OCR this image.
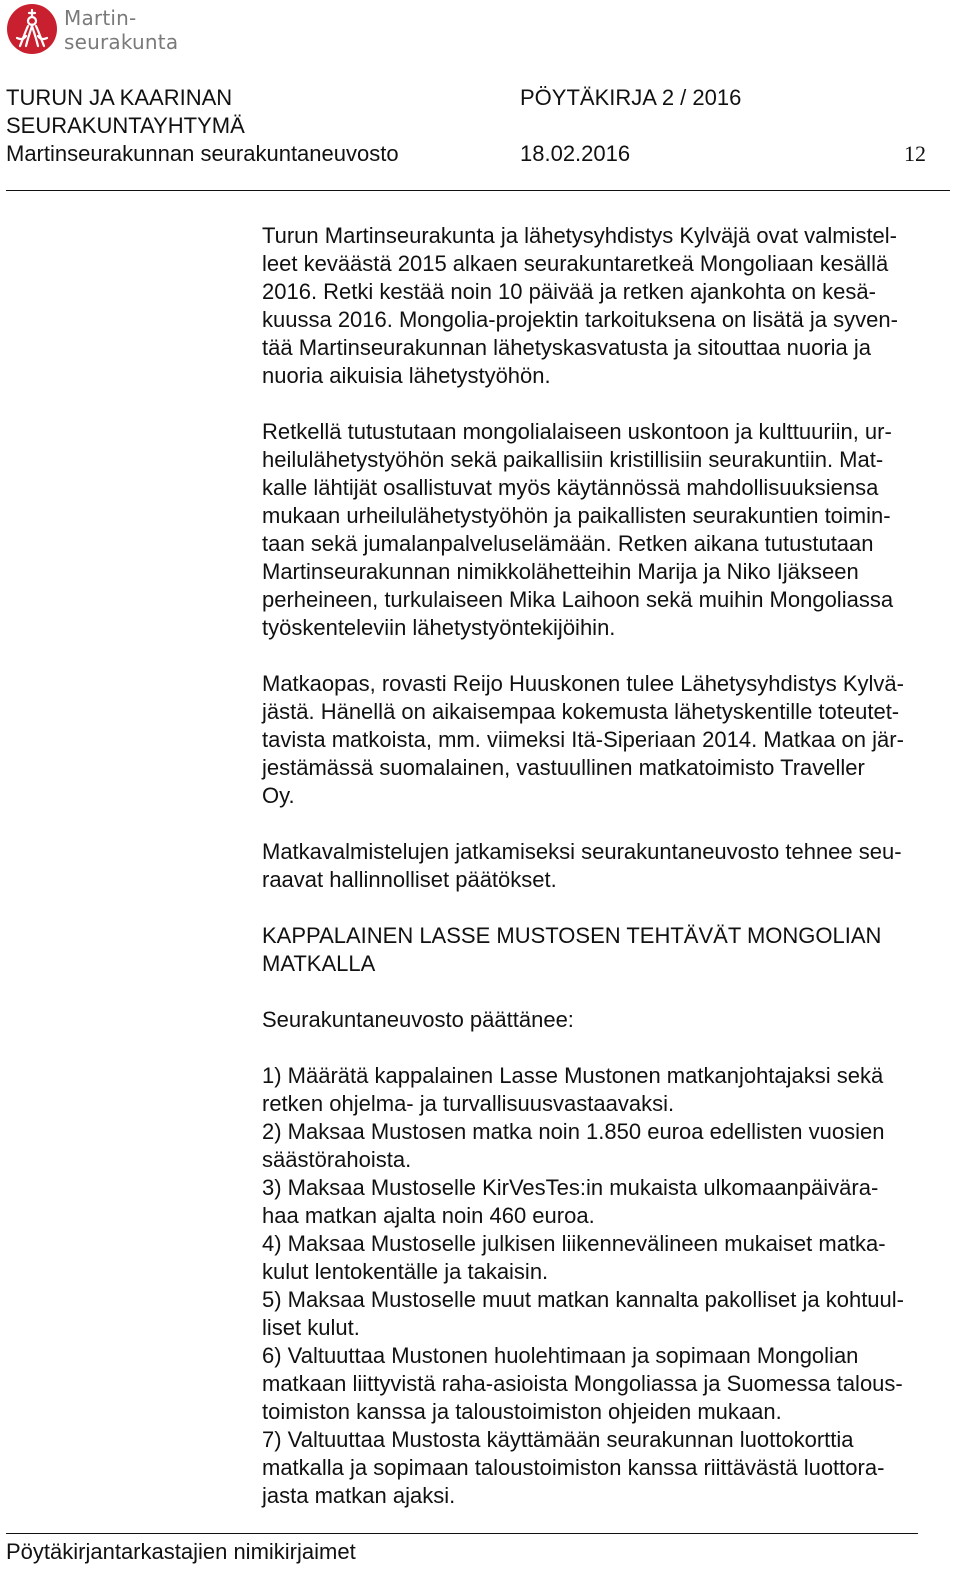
Martin-
seurakunta
TURUN JA KAARINAN
SEURAKUNTAYHTYMÄ
Martinseurakunnan seurakuntaneuvosto
PÖYTÄKIRJA 2 / 2016
18.02.2016	12

Turun Martinseurakunta ja lähetysyhdistys Kylväjä ovat valmistel-
leet keväästä 2015 alkaen seurakuntaretkeä Mongoliaan kesällä
2016. Retki kestää noin 10 päivää ja retken ajankohta on kesä-
kuussa 2016. Mongolia-projektin tarkoituksena on lisätä ja syven-
tää Martinseurakunnan lähetyskasvatusta ja sitouttaa nuoria ja
nuoria aikuisia lähetystyöhön.

Retkellä tutustutaan mongolialaiseen uskontoon ja kulttuuriin, ur-
heilulähetystyöhön sekä paikallisiin kristillisiin seurakuntiin. Mat-
kalle lähtijät osallistuvat myös käytännössä mahdollisuuksiensa
mukaan urheilulähetystyöhön ja paikallisten seurakuntien toimin-
taan sekä jumalanpalveluselämään. Retken aikana tutustutaan
Martinseurakunnan nimikkolähetteihin Marija ja Niko Ijäkseen
perheineen, turkulaiseen Mika Laihoon sekä muihin Mongoliassa
työskenteleviin lähetystyöntekijöihin.

Matkaopas, rovasti Reijo Huuskonen tulee Lähetysyhdistys Kylvä-
jästä. Hänellä on aikaisempaa kokemusta lähetyskentille toteutet-
tavista matkoista, mm. viimeksi Itä-Siperiaan 2014. Matkaa on jär-
jestämässä suomalainen, vastuullinen matkatoimisto Traveller
Oy.

Matkavalmistelujen jatkamiseksi seurakuntaneuvosto tehnee seu-
raavat hallinnolliset päätökset.

KAPPALAINEN LASSE MUSTOSEN TEHTÄVÄT MONGOLIAN
MATKALLA

Seurakuntaneuvosto päättänee:

1) Määrätä kappalainen Lasse Mustonen matkanjohtajaksi sekä
retken ohjelma- ja turvallisuusvastaavaksi.

2) Maksaa Mustosen matka noin 1.850 euroa edellisten vuosien
säästörahoista.

3) Maksaa Mustoselle KirVesTes:in mukaista ulkomaanpäivära-
haa matkan ajalta noin 460 euroa.

4) Maksaa Mustoselle julkisen liikennevälineen mukaiset matka-
kulut lentokentälle ja takaisin.

5) Maksaa Mustoselle muut matkan kannalta pakolliset ja kohtuul-
liset kulut.

6) Valtuuttaa Mustonen huolehtimaan ja sopimaan Mongolian
matkaan liittyvistä raha-asioista Mongoliassa ja Suomessa talous-
toimiston kanssa ja taloustoimiston ohjeiden mukaan.

7) Valtuuttaa Mustosta käyttämään seurakunnan luottokorttia
matkalla ja sopimaan taloustoimiston kanssa riittävästä luottora-
jasta matkan ajaksi.

Pöytäkirjantarkastajien nimikirjaimet
